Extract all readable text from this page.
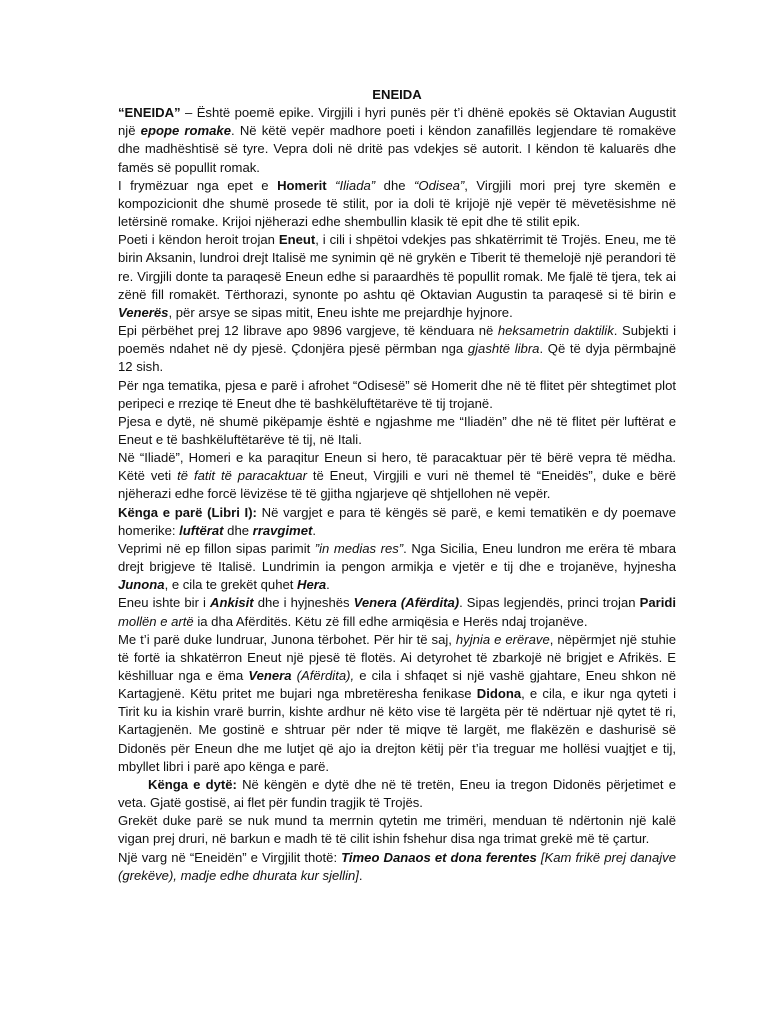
ENEIDA

“ENEIDA” – Është poemë epike. Virgjili i hyri punës për t’i dhënë epokës së Oktavian Augustit një epope romake. Në këtë vepër madhore poeti i këndon zanafillës legjendare të romakëve dhe madhështisë së tyre. Vepra doli në dritë pas vdekjes së autorit. I këndon të kaluarës dhe famës së popullit romak.

I frymëzuar nga epet e Homerit “Iliada” dhe “Odisea”, Virgjili mori prej tyre skemën e kompozicionit dhe shumë prosede të stilit, por ia doli të krijojë një vepër të mëvetësishme në letërsinë romake. Krijoi njëherazi edhe shembullin klasik të epit dhe të stilit epik.

Poeti i këndon heroit trojan Eneut, i cili i shpëtoi vdekjes pas shkatërrimit të Trojës. Eneu, me të birin Aksanin, lundroi drejt Italisë me synimin që në grykën e Tiberit të themelojë një perandori të re. Virgjili donte ta paraqesë Eneun edhe si paraardhës të popullit romak. Me fjalë të tjera, tek ai zënë fill romakët. Tërthorazi, synonte po ashtu që Oktavian Augustin ta paraqesë si të birin e Venerës, për arsye se sipas mitit, Eneu ishte me prejardhje hyjnore.

Epi përbëhet prej 12 librave apo 9896 vargjeve, të kënduara në heksametrin daktilik. Subjekti i poemës ndahet në dy pjesë. Çdonjëra pjesë përmban nga gjashtë libra. Që të dyja përmbajnë 12 sish.

Për nga tematika, pjesa e parë i afrohet “Odisesë” së Homerit dhe në të flitet për shtegtimet plot peripeci e rreziqe të Eneut dhe të bashkëluftëtarëve të tij trojanë.

Pjesa e dytë, në shumë pikëpamje është e ngjashme me “Iliadën” dhe në të flitet për luftërat e Eneut e të bashkëluftëtarëve të tij, në Itali.

Në “Iliadë”, Homeri e ka paraqitur Eneun si hero, të paracaktuar për të bërë vepra të mëdha. Këtë veti të fatit të paracaktuar të Eneut, Virgjili e vuri në themel të “Eneidës”, duke e bërë njëherazi edhe forcë lëvizëse të të gjitha ngjarjeve që shtjellohen në vepër.

Kënga e parë (Libri I): Në vargjet e para të këngës së parë, e kemi tematikën e dy poemave homerike: luftërat dhe rravgimet.

Veprimi në ep fillon sipas parimit ”in medias res”. Nga Sicilia, Eneu lundron me erëra të mbara drejt brigjeve të Italisë. Lundrimin ia pengon armikja e vjetër e tij dhe e trojanëve, hyjnesha Junona, e cila te grekët quhet Hera.

Eneu ishte bir i Ankisit dhe i hyjneshës Venera (Afërdita). Sipas legjendës, princi trojan Paridi mollën e artë ia dha Afërditës. Këtu zë fill edhe armiqësia e Herës ndaj trojanëve.

Me t’i parë duke lundruar, Junona tërbohet. Për hir të saj, hyjnia e erërave, nëpërmjet një stuhie të fortë ia shkatërron Eneut një pjesë të flotës. Ai detyrohet të zbarkojë në brigjet e Afrikës. E këshilluar nga e ëma Venera (Afërdita), e cila i shfaqet si një vashë gjahtare, Eneu shkon në Kartagjenë. Këtu pritet me bujari nga mbretëresha fenikase Didona, e cila, e ikur nga qyteti i Tirit ku ia kishin vrarë burrin, kishte ardhur në këto vise të largëta për të ndërtuar një qytet të ri, Kartagjenën. Me gostinë e shtruar për nder të miqve të largët, me flakëzën e dashurisë së Didonës për Eneun dhe me lutjet që ajo ia drejton këtij për t’ia treguar me hollësi vuajtjet e tij, mbyllet libri i parë apo kënga e parë.

Kënga e dytë: Në këngën e dytë dhe në të tretën, Eneu ia tregon Didonës përjetimet e veta. Gjatë gostisë, ai flet për fundin tragjik të Trojës.

Grekët duke parë se nuk mund ta merrnin qytetin me trimëri, menduan të ndërtonin një kalë vigan prej druri, në barkun e madh të të cilit ishin fshehur disa nga trimat grekë më të çartur.

Një varg në “Eneidën” e Virgjilit thotë: Timeo Danaos et dona ferentes [Kam frikë prej danajve (grekëve), madje edhe dhurata kur sjellin].
